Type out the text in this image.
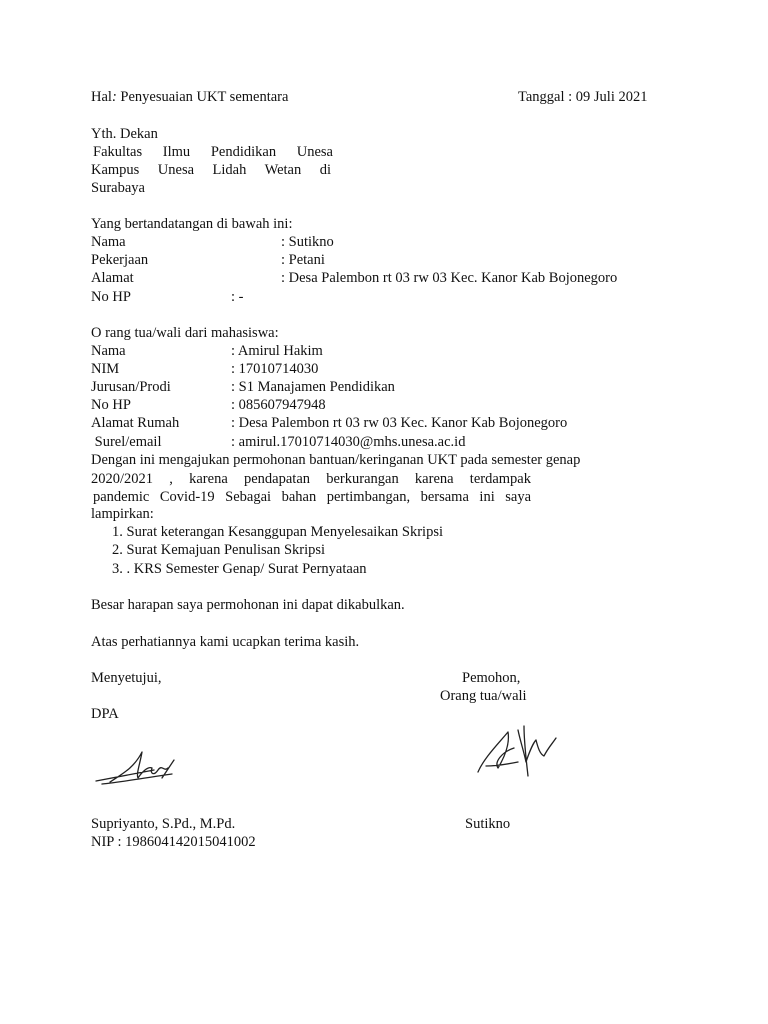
Hal: Penyesuaian UKT sementara	Tanggal : 09 Juli 2021
Yth. Dekan
Fakultas Ilmu Pendidikan Unesa
Kampus Unesa Lidah Wetan di
Surabaya
Yang bertandatangan di bawah ini:
Nama	: Sutikno
Pekerjaan	: Petani
Alamat	: Desa Palembon rt 03 rw 03 Kec. Kanor Kab Bojonegoro
No HP	: -
O rang tua/wali dari mahasiswa:
Nama	: Amirul Hakim
NIM	: 17010714030
Jurusan/Prodi	: S1 Manajamen Pendidikan
No HP	: 085607947948
Alamat Rumah	: Desa Palembon rt 03 rw 03 Kec. Kanor Kab Bojonegoro
Surel/email	: amirul.17010714030@mhs.unesa.ac.id
Dengan ini mengajukan permohonan bantuan/keringanan UKT pada semester genap
2020/2021 , karena pendapatan berkurangan karena terdampak
pandemic Covid-19 Sebagai bahan pertimbangan, bersama ini saya
lampirkan:
1. Surat keterangan Kesanggupan Menyelesaikan Skripsi
2. Surat Kemajuan Penulisan Skripsi
3. . KRS Semester Genap/ Surat Pernyataan
Besar harapan saya permohonan ini dapat dikabulkan.
Atas perhatiannya kami ucapkan terima kasih.
Menyetujui,	Pemohon,
Orang tua/wali
DPA
Supriyanto, S.Pd., M.Pd.	Sutikno
NIP : 198604142015041002
